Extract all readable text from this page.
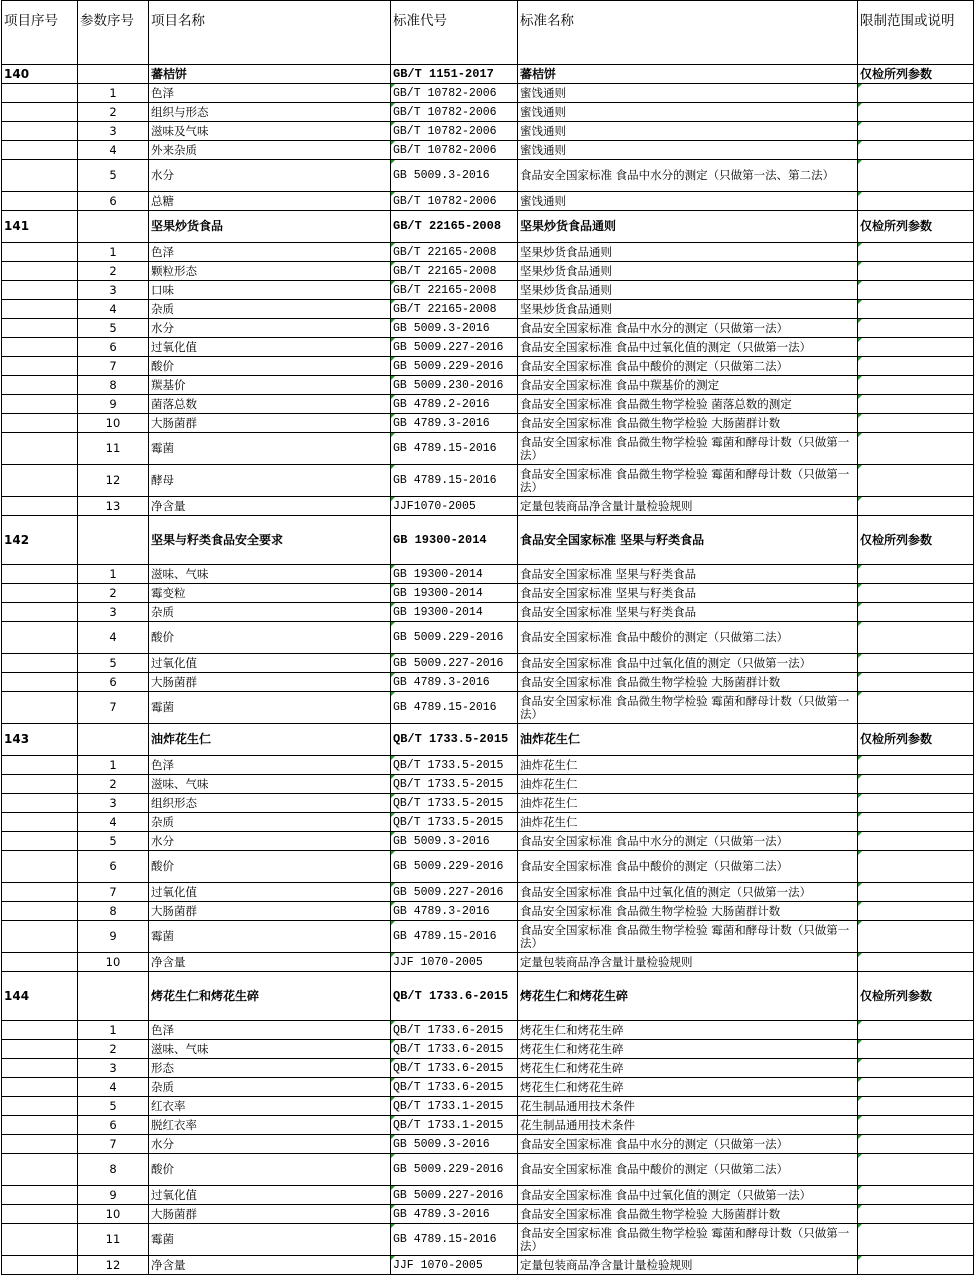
项目序号	参数序号	项目名称	标准代号	标准名称	限制范围或说明
140		蕃桔饼	GB/T 1151-2017	蕃桔饼	仅检所列参数
	1	色泽	GB/T 10782-2006	蜜饯通则	
	2	组织与形态	GB/T 10782-2006	蜜饯通则	
	3	滋味及气味	GB/T 10782-2006	蜜饯通则	
	4	外来杂质	GB/T 10782-2006	蜜饯通则	
	5	水分	GB 5009.3-2016	食品安全国家标准 食品中水分的测定（只做第一法、第二法）	
	6	总糖	GB/T 10782-2006	蜜饯通则	
141		坚果炒货食品	GB/T 22165-2008	坚果炒货食品通则	仅检所列参数
	1	色泽	GB/T 22165-2008	坚果炒货食品通则	
	2	颗粒形态	GB/T 22165-2008	坚果炒货食品通则	
	3	口味	GB/T 22165-2008	坚果炒货食品通则	
	4	杂质	GB/T 22165-2008	坚果炒货食品通则	
	5	水分	GB 5009.3-2016	食品安全国家标准 食品中水分的测定（只做第一法）	
	6	过氧化值	GB 5009.227-2016	食品安全国家标准 食品中过氧化值的测定（只做第一法）	
	7	酸价	GB 5009.229-2016	食品安全国家标准 食品中酸价的测定（只做第二法）	
	8	羰基价	GB 5009.230-2016	食品安全国家标准 食品中羰基价的测定	
	9	菌落总数	GB 4789.2-2016	食品安全国家标准 食品微生物学检验 菌落总数的测定	
	10	大肠菌群	GB 4789.3-2016	食品安全国家标准 食品微生物学检验 大肠菌群计数	
	11	霉菌	GB 4789.15-2016	食品安全国家标准 食品微生物学检验 霉菌和酵母计数（只做第一法）	
	12	酵母	GB 4789.15-2016	食品安全国家标准 食品微生物学检验 霉菌和酵母计数（只做第一法）	
	13	净含量	JJF1070-2005	定量包装商品净含量计量检验规则	
142		坚果与籽类食品安全要求	GB 19300-2014	食品安全国家标准 坚果与籽类食品	仅检所列参数
	1	滋味、气味	GB 19300-2014	食品安全国家标准 坚果与籽类食品	
	2	霉变粒	GB 19300-2014	食品安全国家标准 坚果与籽类食品	
	3	杂质	GB 19300-2014	食品安全国家标准 坚果与籽类食品	
	4	酸价	GB 5009.229-2016	食品安全国家标准 食品中酸价的测定（只做第二法）	
	5	过氧化值	GB 5009.227-2016	食品安全国家标准 食品中过氧化值的测定（只做第一法）	
	6	大肠菌群	GB 4789.3-2016	食品安全国家标准 食品微生物学检验 大肠菌群计数	
	7	霉菌	GB 4789.15-2016	食品安全国家标准 食品微生物学检验 霉菌和酵母计数（只做第一法）	
143		油炸花生仁	QB/T 1733.5-2015	油炸花生仁	仅检所列参数
	1	色泽	QB/T 1733.5-2015	油炸花生仁	
	2	滋味、气味	QB/T 1733.5-2015	油炸花生仁	
	3	组织形态	QB/T 1733.5-2015	油炸花生仁	
	4	杂质	QB/T 1733.5-2015	油炸花生仁	
	5	水分	GB 5009.3-2016	食品安全国家标准 食品中水分的测定（只做第一法）	
	6	酸价	GB 5009.229-2016	食品安全国家标准 食品中酸价的测定（只做第二法）	
	7	过氧化值	GB 5009.227-2016	食品安全国家标准 食品中过氧化值的测定（只做第一法）	
	8	大肠菌群	GB 4789.3-2016	食品安全国家标准 食品微生物学检验 大肠菌群计数	
	9	霉菌	GB 4789.15-2016	食品安全国家标准 食品微生物学检验 霉菌和酵母计数（只做第一法）	
	10	净含量	JJF 1070-2005	定量包装商品净含量计量检验规则	
144		烤花生仁和烤花生碎	QB/T 1733.6-2015	烤花生仁和烤花生碎	仅检所列参数
	1	色泽	QB/T 1733.6-2015	烤花生仁和烤花生碎	
	2	滋味、气味	QB/T 1733.6-2015	烤花生仁和烤花生碎	
	3	形态	QB/T 1733.6-2015	烤花生仁和烤花生碎	
	4	杂质	QB/T 1733.6-2015	烤花生仁和烤花生碎	
	5	红衣率	QB/T 1733.1-2015	花生制品通用技术条件	
	6	脱红衣率	QB/T 1733.1-2015	花生制品通用技术条件	
	7	水分	GB 5009.3-2016	食品安全国家标准 食品中水分的测定（只做第一法）	
	8	酸价	GB 5009.229-2016	食品安全国家标准 食品中酸价的测定（只做第二法）	
	9	过氧化值	GB 5009.227-2016	食品安全国家标准 食品中过氧化值的测定（只做第一法）	
	10	大肠菌群	GB 4789.3-2016	食品安全国家标准 食品微生物学检验 大肠菌群计数	
	11	霉菌	GB 4789.15-2016	食品安全国家标准 食品微生物学检验 霉菌和酵母计数（只做第一法）	
	12	净含量	JJF 1070-2005	定量包装商品净含量计量检验规则	
